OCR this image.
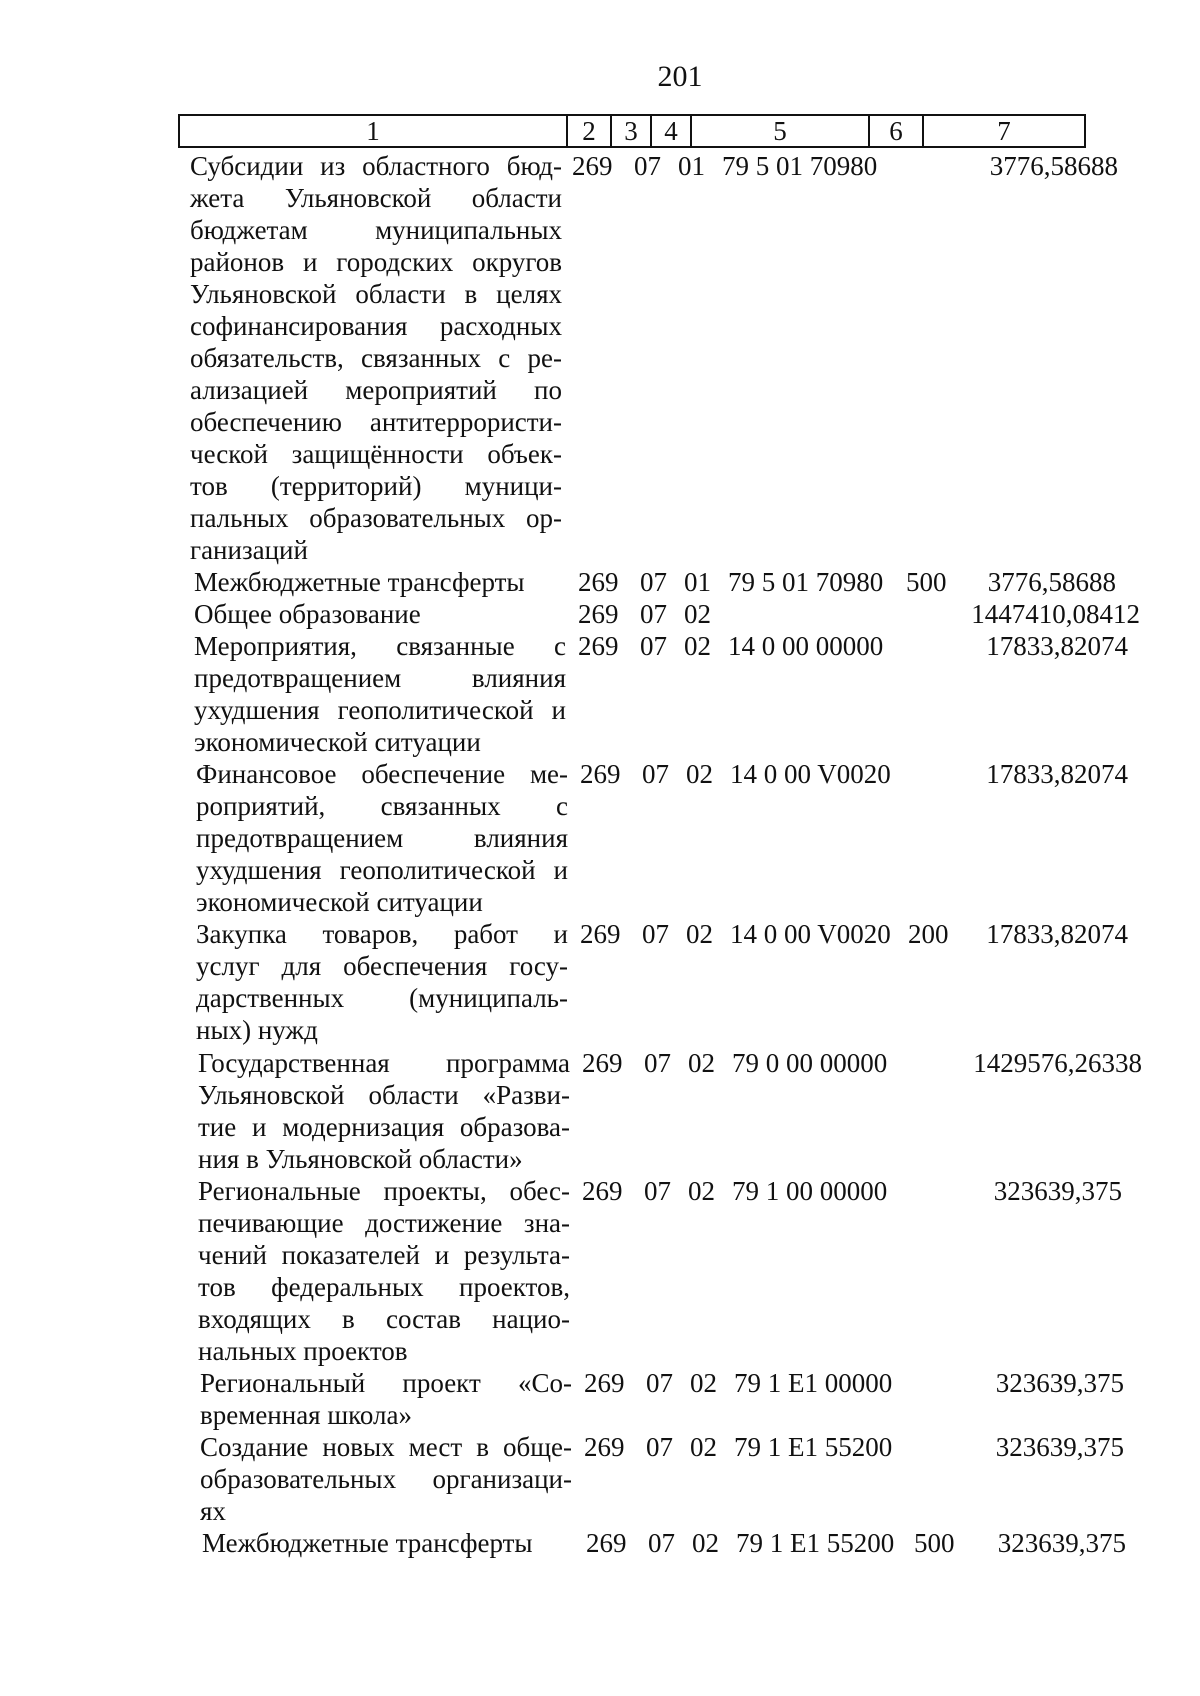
201
1	2	3 4	5	6	7
Субсидии из областного бюд-
жета Ульяновской области
бюджетам муниципальных
районов и городских округов
Ульяновской области в целях
софинансирования расходных
обязательств, связанных с ре-
ализацией мероприятий по
обеспечению антитеррористи-
ческой защищённости объек-
тов (территорий) муници-
пальных образовательных ор-
ганизаций
269 07 01 79 5 01 70980	3776,58688
Межбюджетные трансферты	269 07 01 79 5 01 70980 500	3776,58688
Общее образование	269 07 02	1447410,08412
Мероприятия, связанные с
предотвращением влияния
ухудшения геополитической и
экономической ситуации
269 07 02 14 0 00 00000	17833,82074
Финансовое обеспечение ме-
роприятий, связанных с
предотвращением влияния
ухудшения геополитической и
экономической ситуации
269 07 02 14 0 00 V0020	17833,82074
Закупка товаров, работ и
услуг для обеспечения госу-
дарственных (муниципаль-
ных) нужд
269 07 02 14 0 00 V0020 200	17833,82074
Государственная программа
Ульяновской области «Разви-
тие и модернизация образова-
ния в Ульяновской области»
269 07 02 79 0 00 00000	1429576,26338
Региональные проекты, обес-
печивающие достижение зна-
чений показателей и результа-
тов федеральных проектов,
входящих в состав нацио-
нальных проектов
269 07 02 79 1 00 00000	323639,375
Региональный проект «Со-
временная школа»
269 07 02 79 1 E1 00000	323639,375
Создание новых мест в обще-
образовательных организаци-
ях
269 07 02 79 1 E1 55200	323639,375
Межбюджетные трансферты	269 07 02 79 1 E1 55200 500	323639,375
